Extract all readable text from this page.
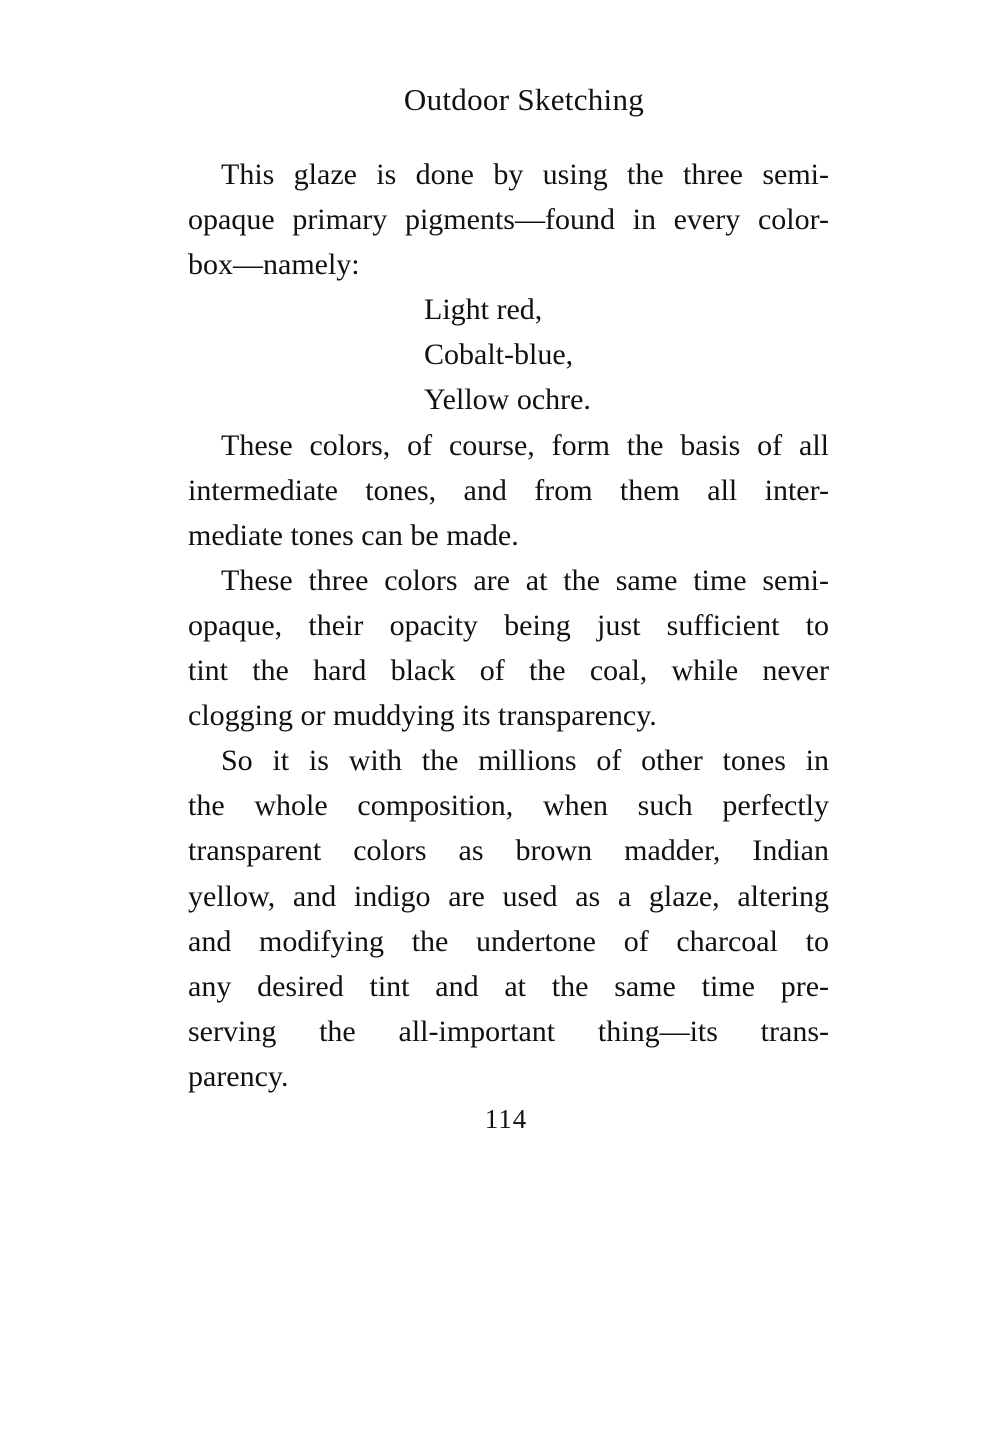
Outdoor Sketching
This glaze is done by using the three semi-
opaque primary pigments—found in every color-
box—namely:
Light red,
Cobalt-blue,
Yellow ochre.
These colors, of course, form the basis of all
intermediate tones, and from them all inter-
mediate tones can be made.
These three colors are at the same time semi-
opaque, their opacity being just sufficient to
tint the hard black of the coal, while never
clogging or muddying its transparency.
So it is with the millions of other tones in
the whole composition, when such perfectly
transparent colors as brown madder, Indian
yellow, and indigo are used as a glaze, altering
and modifying the undertone of charcoal to
any desired tint and at the same time pre-
serving the all-important thing—its trans-
parency.
114
